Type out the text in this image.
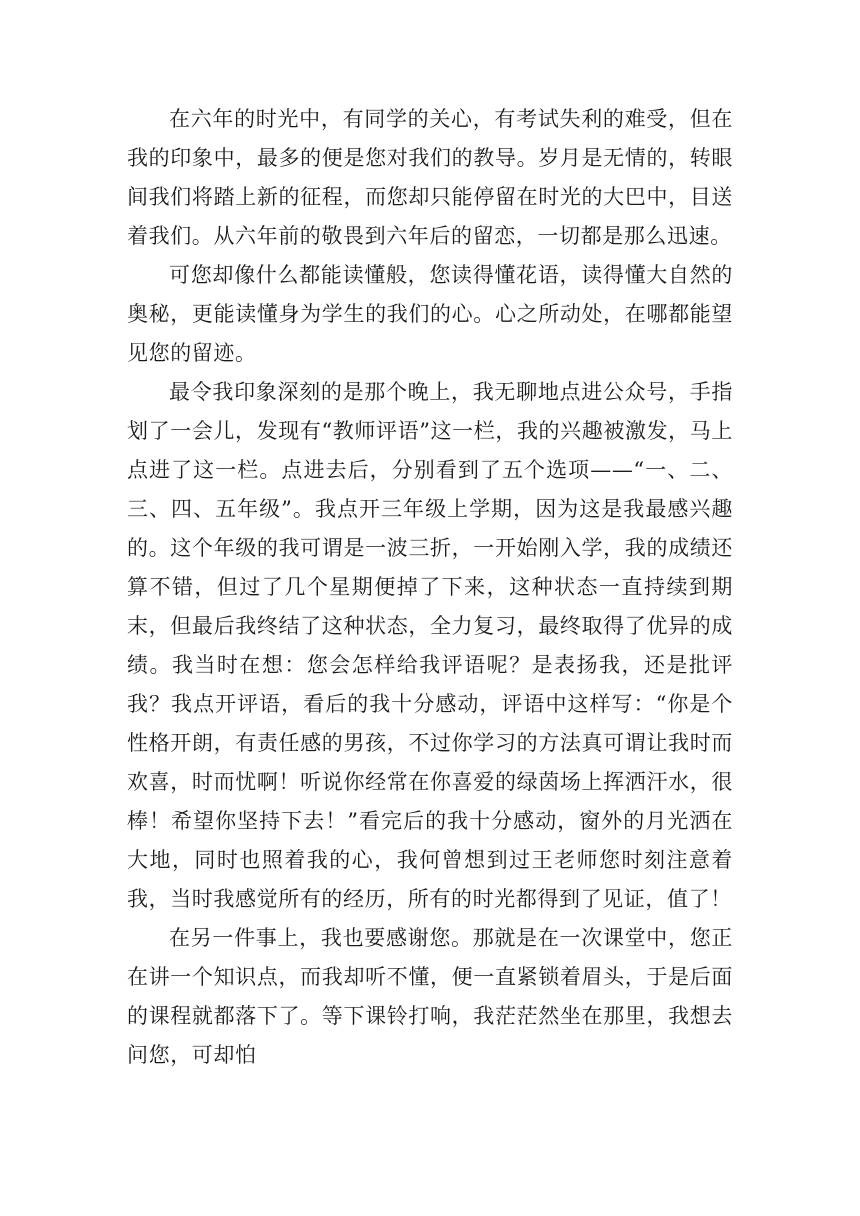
在六年的时光中，有同学的关心，有考试失利的难受，但在我的印象中，最多的便是您对我们的教导。岁月是无情的，转眼间我们将踏上新的征程，而您却只能停留在时光的大巴中，目送着我们。从六年前的敬畏到六年后的留恋，一切都是那么迅速。

可您却像什么都能读懂般，您读得懂花语，读得懂大自然的奥秘，更能读懂身为学生的我们的心。心之所动处，在哪都能望见您的留迹。

最令我印象深刻的是那个晚上，我无聊地点进公众号，手指划了一会儿，发现有“教师评语”这一栏，我的兴趣被激发，马上点进了这一栏。点进去后，分别看到了五个选项——“一、二、三、四、五年级”。我点开三年级上学期，因为这是我最感兴趣的。这个年级的我可谓是一波三折，一开始刚入学，我的成绩还算不错，但过了几个星期便掉了下来，这种状态一直持续到期末，但最后我终结了这种状态，全力复习，最终取得了优异的成绩。我当时在想：您会怎样给我评语呢？是表扬我，还是批评我？我点开评语，看后的我十分感动，评语中这样写：“你是个性格开朗，有责任感的男孩，不过你学习的方法真可谓让我时而欢喜，时而忧啊！听说你经常在你喜爱的绿茵场上挥洒汗水，很棒！希望你坚持下去！”看完后的我十分感动，窗外的月光洒在大地，同时也照着我的心，我何曾想到过王老师您时刻注意着我，当时我感觉所有的经历，所有的时光都得到了见证，值了！

在另一件事上，我也要感谢您。那就是在一次课堂中，您正在讲一个知识点，而我却听不懂，便一直紧锁着眉头，于是后面的课程就都落下了。等下课铃打响，我茫茫然坐在那里，我想去问您，可却怕
